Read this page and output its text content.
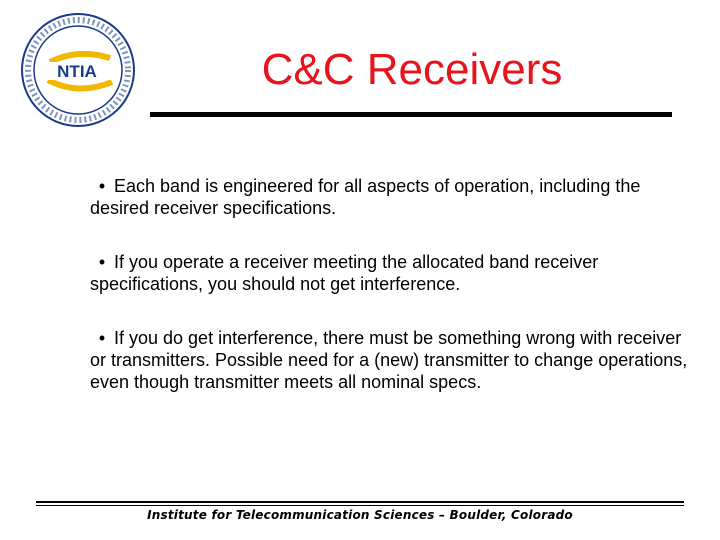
NTIA	C&C Receivers
• Each band is engineered for all aspects of operation, including the desired receiver specifications.
• If you operate a receiver meeting the allocated band receiver specifications, you should not get interference.
• If you do get interference, there must be something wrong with receiver or transmitters. Possible need for a (new) transmitter to change operations, even though transmitter meets all nominal specs.
Institute for Telecommunication Sciences – Boulder, Colorado
